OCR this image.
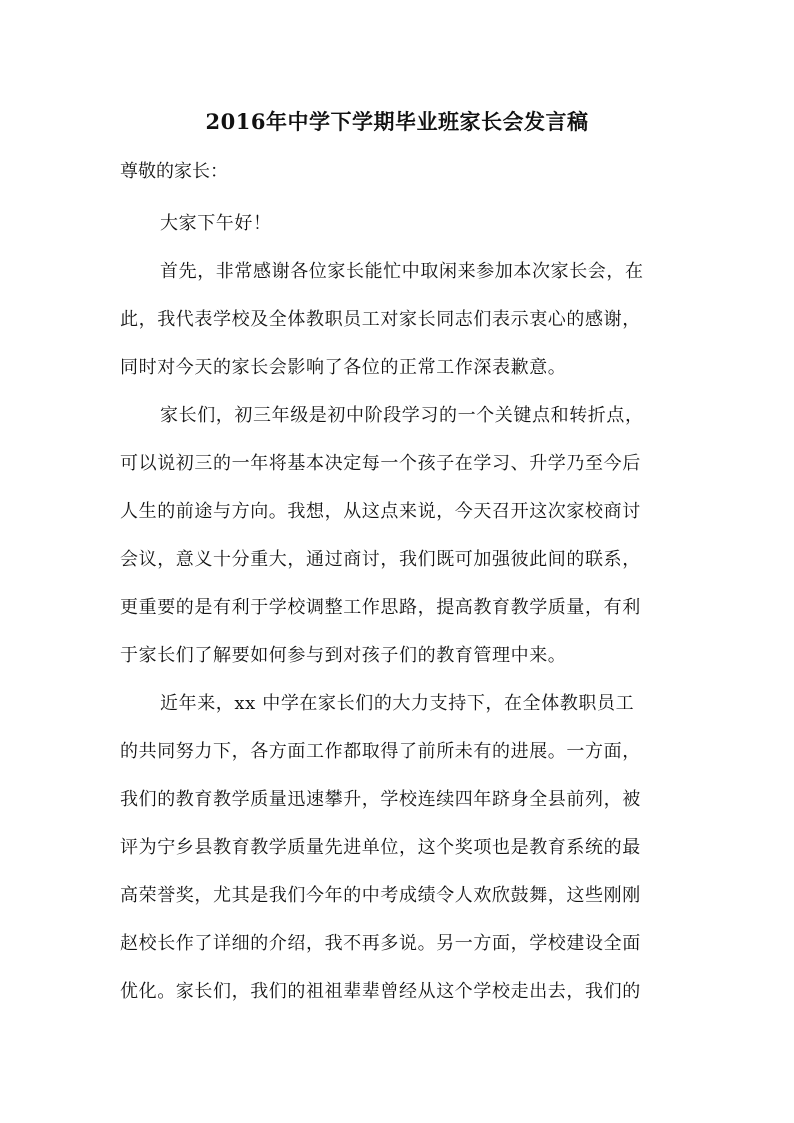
2016年中学下学期毕业班家长会发言稿
尊敬的家长：
大家下午好！
首先，非常感谢各位家长能忙中取闲来参加本次家长会，在
此，我代表学校及全体教职员工对家长同志们表示衷心的感谢，
同时对今天的家长会影响了各位的正常工作深表歉意。
家长们，初三年级是初中阶段学习的一个关键点和转折点，
可以说初三的一年将基本决定每一个孩子在学习、升学乃至今后
人生的前途与方向。我想，从这点来说，今天召开这次家校商讨
会议，意义十分重大，通过商讨，我们既可加强彼此间的联系，
更重要的是有利于学校调整工作思路，提高教育教学质量，有利
于家长们了解要如何参与到对孩子们的教育管理中来。
近年来，xx 中学在家长们的大力支持下，在全体教职员工
的共同努力下，各方面工作都取得了前所未有的进展。一方面，
我们的教育教学质量迅速攀升，学校连续四年跻身全县前列，被
评为宁乡县教育教学质量先进单位，这个奖项也是教育系统的最
高荣誉奖，尤其是我们今年的中考成绩令人欢欣鼓舞，这些刚刚
赵校长作了详细的介绍，我不再多说。另一方面，学校建设全面
优化。家长们，我们的祖祖辈辈曾经从这个学校走出去，我们的
